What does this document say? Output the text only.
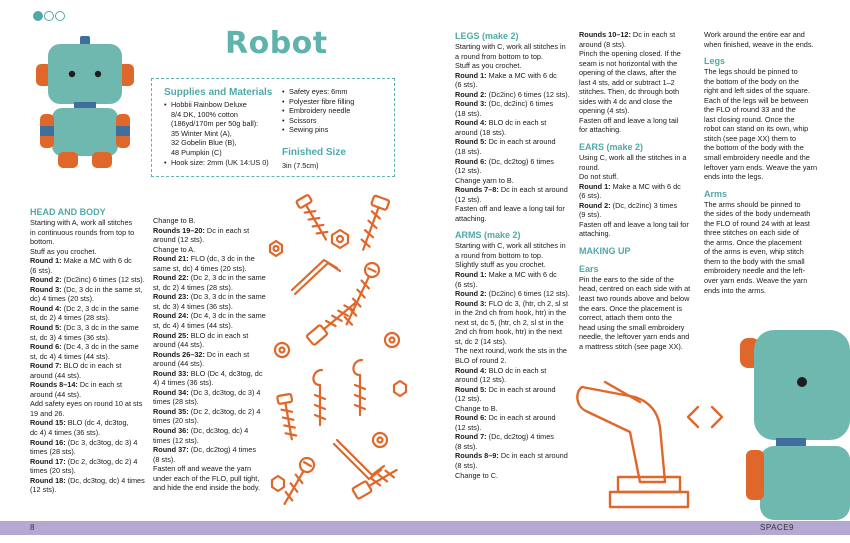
Robot
Supplies and Materials
• Hobbii Rainbow Deluxe
8/4 DK, 100% cotton
(186yd/170m per 50g ball):
35 Winter Mint (A),
32 Gobelin Blue (B),
48 Pumpkin (C)
• Hook size: 2mm (UK 14:US 0)
• Safety eyes: 6mm
• Polyester fibre filling
• Embroidery needle
• Scissors
• Sewing pins
Finished Size
3in (7.5cm)
HEAD AND BODY

Starting with A, work all stitches

in continuous rounds from top to

bottom.

Stuff as you crochet.

Round 1: Make a MC with 6 dc

(6 sts).

Round 2: (Dc2inc) 6 times (12 sts).

Round 3: (Dc, 3 dc in the same st,

dc) 4 times (20 sts).

Round 4: (Dc 2, 3 dc in the same

st, dc 2) 4 times (28 sts).

Round 5: (Dc 3, 3 dc in the same

st, dc 3) 4 times (36 sts).

Round 6: (Dc 4, 3 dc in the same

st, dc 4) 4 times (44 sts).

Round 7: BLO dc in each st

around (44 sts).

Rounds 8–14: Dc in each st

around (44 sts).

Add safety eyes on round 10 at sts

19 and 26.

Round 15: BLO (dc 4, dc3tog,

dc 4) 4 times (36 sts).

Round 16: (Dc 3, dc3tog, dc 3) 4

times (28 sts).

Round 17: (Dc 2, dc3tog, dc 2) 4

times (20 sts).

Round 18: (Dc, dc3tog, dc) 4 times

(12 sts).

Change to B.

Rounds 19–20: Dc in each st

around (12 sts).

Change to A.

Round 21: FLO (dc, 3 dc in the

same st, dc) 4 times (20 sts).

Round 22: (Dc 2, 3 dc in the same

st, dc 2) 4 times (28 sts).

Round 23: (Dc 3, 3 dc in the same

st, dc 3) 4 times (36 sts).

Round 24: (Dc 4, 3 dc in the same

st, dc 4) 4 times (44 sts).

Round 25: BLO dc in each st

around (44 sts).

Rounds 26–32: Dc in each st

around (44 sts).

Round 33: BLO (Dc 4, dc3tog, dc

4) 4 times (36 sts).

Round 34: (Dc 3, dc3tog, dc 3) 4

times (28 sts).

Round 35: (Dc 2, dc3tog, dc 2) 4

times (20 sts).

Round 36: (Dc, dc3tog, dc) 4

times (12 sts).

Round 37: (Dc, dc2tog) 4 times

(8 sts).

Fasten off and weave the yarn

under each of the FLO, pull tight,

and hide the end inside the body.

LEGS (make 2)

Starting with C, work all stitches in

a round from bottom to top.

Stuff as you crochet.

Round 1: Make a MC with 6 dc

(6 sts).

Round 2: (Dc2inc) 6 times (12 sts).

Round 3: (Dc, dc2inc) 6 times

(18 sts).

Round 4: BLO dc in each st

around (18 sts).

Round 5: Dc in each st around

(18 sts).

Round 6: (Dc, dc2tog) 6 times

(12 sts).

Change yarn to B.

Rounds 7–8: Dc in each st around

(12 sts).

Fasten off and leave a long tail for

attaching.

ARMS (make 2)

Starting with C, work all stitches in

a round from bottom to top.

Slightly stuff as you crochet.

Round 1: Make a MC with 6 dc

(6 sts).

Round 2: (Dc2inc) 6 times (12 sts).

Round 3: FLO dc 3, (htr, ch 2, sl st

in the 2nd ch from hook, htr) in the

next st, dc 5, (htr, ch 2, sl st in the

2nd ch from hook, htr) in the next

st, dc 2 (14 sts).

The next round, work the sts in the

BLO of round 2.

Round 4: BLO dc in each st

around (12 sts).

Round 5: Dc in each st around

(12 sts).

Change to B.

Round 6: Dc in each st around

(12 sts).

Round 7: (Dc, dc2tog) 4 times

(8 sts).

Rounds 8–9: Dc in each st around

(8 sts).

Change to C.

Rounds 10–12: Dc in each st

around (8 sts).

Pinch the opening closed. If the

seam is not horizontal with the

opening of the claws, after the

last 4 sts, add or subtract 1–2

stitches. Then, dc through both

sides with 4 dc and close the

opening (4 sts).

Fasten off and leave a long tail

for attaching.

EARS (make 2)

Using C, work all the stitches in a

round.

Do not stuff.

Round 1: Make a MC with 6 dc

(6 sts).

Round 2: (Dc, dc2inc) 3 times

(9 sts).

Fasten off and leave a long tail for

attaching.

MAKING UP
Ears

Pin the ears to the side of the

head, centred on each side with at

least two rounds above and below

the ears. Once the placement is

correct, attach them onto the

head using the small embroidery

needle, the leftover yarn ends and

a mattress stitch (see page XX).

Work around the entire ear and

when finished, weave in the ends.

Legs

The legs should be pinned to

the bottom of the body on the

right and left sides of the square.

Each of the legs will be between

the FLO of round 33 and the

last closing round. Once the

robot can stand on its own, whip

stitch (see page XX) them to

the bottom of the body with the

small embroidery needle and the

leftover yarn ends. Weave the yarn

ends into the legs.

Arms

The arms should be pinned to

the sides of the body underneath

the FLO of round 24 with at least

three stitches on each side of

the arms. Once the placement

of the arms is even, whip stitch

them to the body with the small

embroidery needle and the left-

over yarn ends. Weave the yarn

ends into the arms.

8	SPACE 9
